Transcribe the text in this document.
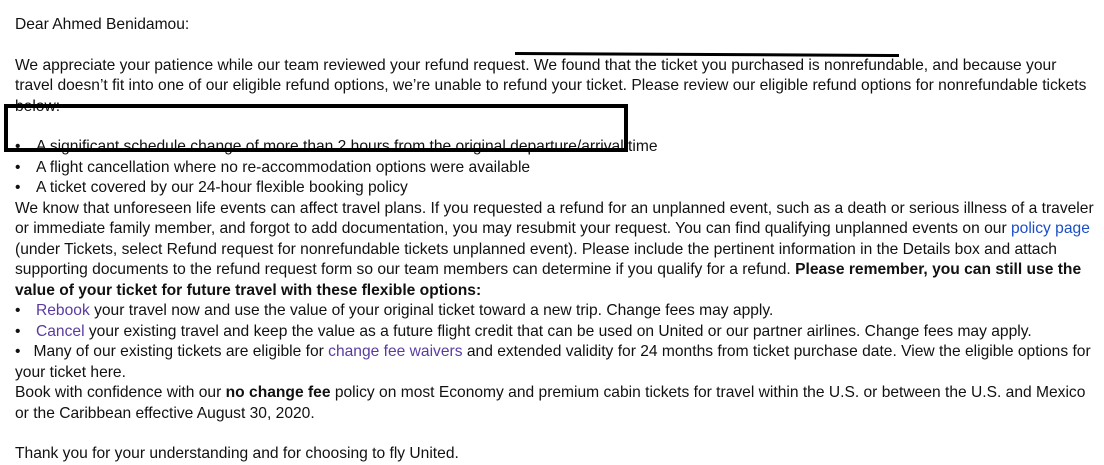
Dear Ahmed Benidamou:

We appreciate your patience while our team reviewed your refund request. We found that the ticket you purchased is nonrefundable, and because your travel doesn’t fit into one of our eligible refund options, we’re unable to refund your ticket. Please review our eligible refund options for nonrefundable tickets below:

• A significant schedule change of more than 2 hours from the original departure/arrival time
• A flight cancellation where no re-accommodation options were available
• A ticket covered by our 24-hour flexible booking policy

We know that unforeseen life events can affect travel plans. If you requested a refund for an unplanned event, such as a death or serious illness of a traveler or immediate family member, and forgot to add documentation, you may resubmit your request. You can find qualifying unplanned events on our policy page (under Tickets, select Refund request for nonrefundable tickets unplanned event). Please include the pertinent information in the Details box and attach supporting documents to the refund request form so our team members can determine if you qualify for a refund. Please remember, you can still use the value of your ticket for future travel with these flexible options:

• Rebook your travel now and use the value of your original ticket toward a new trip. Change fees may apply.
• Cancel your existing travel and keep the value as a future flight credit that can be used on United or our partner airlines. Change fees may apply.
• Many of our existing tickets are eligible for change fee waivers and extended validity for 24 months from ticket purchase date. View the eligible options for your ticket here.

Book with confidence with our no change fee policy on most Economy and premium cabin tickets for travel within the U.S. or between the U.S. and Mexico or the Caribbean effective August 30, 2020.

Thank you for your understanding and for choosing to fly United.
